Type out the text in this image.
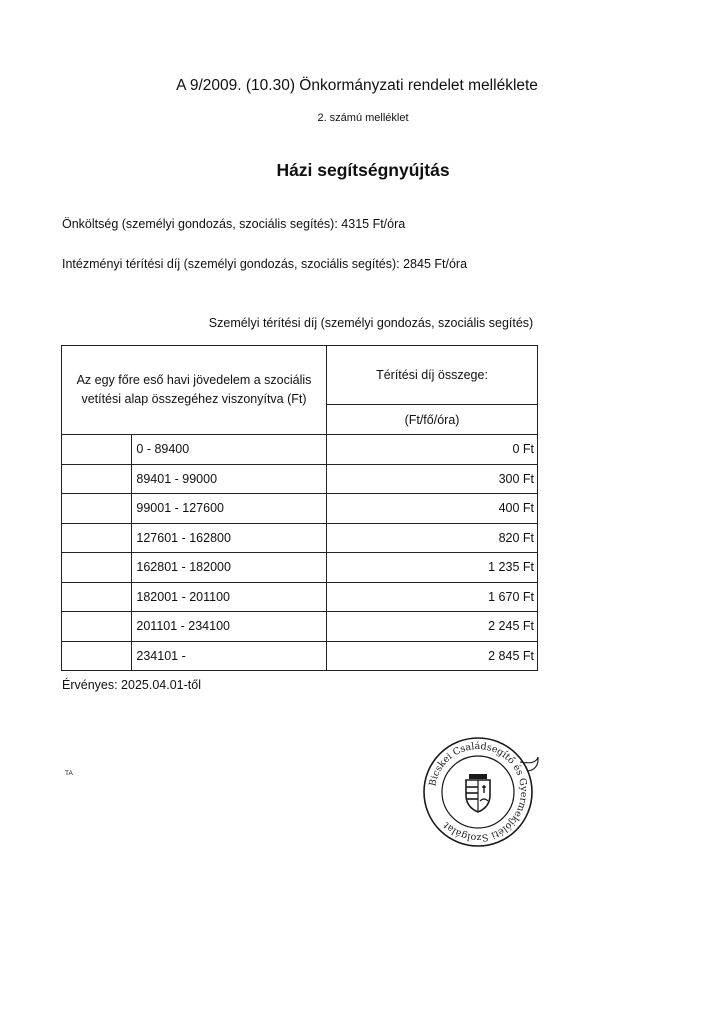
A 9/2009. (10.30) Önkormányzati rendelet melléklete
2. számú melléklet
Házi segítségnyújtás
Önköltség (személyi gondozás, szociális segítés): 4315 Ft/óra
Intézményi térítési díj (személyi gondozás, szociális segítés): 2845 Ft/óra
Személyi térítési díj (személyi gondozás, szociális segítés)
Az egy főre eső havi jövedelem a szociális vetítési alap összegéhez viszonyítva (Ft)		Térítési díj összege:
		(Ft/fő/óra)
	0 - 89400	0 Ft
	89401 - 99000	300 Ft
	99001 - 127600	400 Ft
	127601 - 162800	820 Ft
	162801 - 182000	1 235 Ft
	182001 - 201100	1 670 Ft
	201101 - 234100	2 245 Ft
	234101 -	2 845 Ft
Érvényes: 2025.04.01-től
TA
Bicskei Családsegítő és Gyermekjóléti Szolgálat
